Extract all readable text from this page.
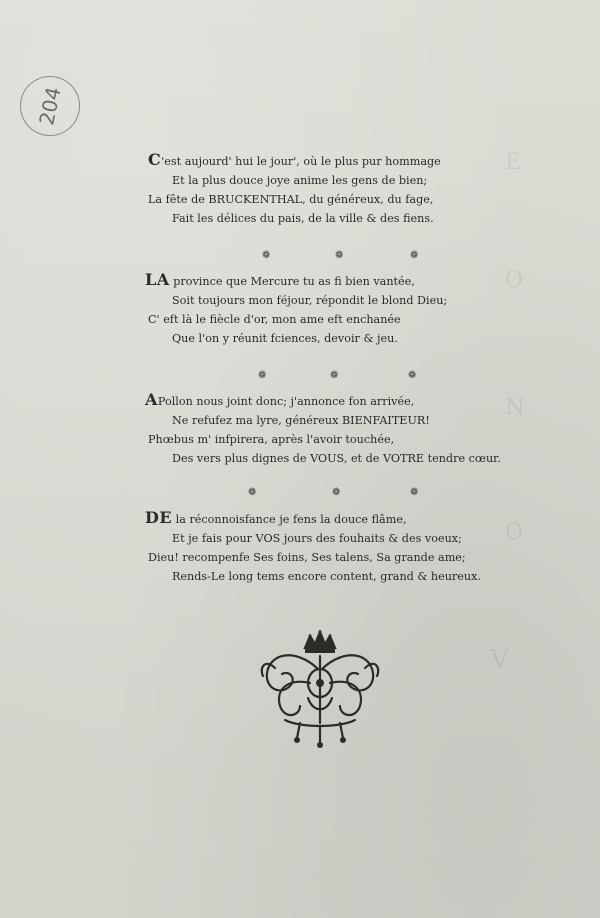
204
E
O
N
O
V
C'est aujourd' hui le jour', où le plus pur hommage
Et la plus douce joye anime les gens de bien;
La fête de BRUCKENTHAL, du généreux, du fage,
Fait les délices du pais, de la ville & des fiens.
LA province que Mercure tu as fi bien vantée,
Soit toujours mon féjour, répondit le blond Dieu;
C' eft là le fiècle d'or, mon ame eft enchanée
Que l'on y réunit fciences, devoir & jeu.
APollon nous joint donc; j'annonce fon arrivée,
Ne refufez ma lyre, généreux BIENFAITEUR!
Phœbus m' infpirera, après l'avoir touchée,
Des vers plus dignes de VOUS, et de VOTRE tendre cœur.
DE la réconnoisfance je fens la douce flâme,
Et je fais pour VOS jours des fouhaits & des voeux;
Dieu! recompenfe Ses foins, Ses talens, Sa grande ame;
Rends-Le long tems encore content, grand & heureux.
❁	❁	❁
❁	❁	❁
❁	❁	❁
